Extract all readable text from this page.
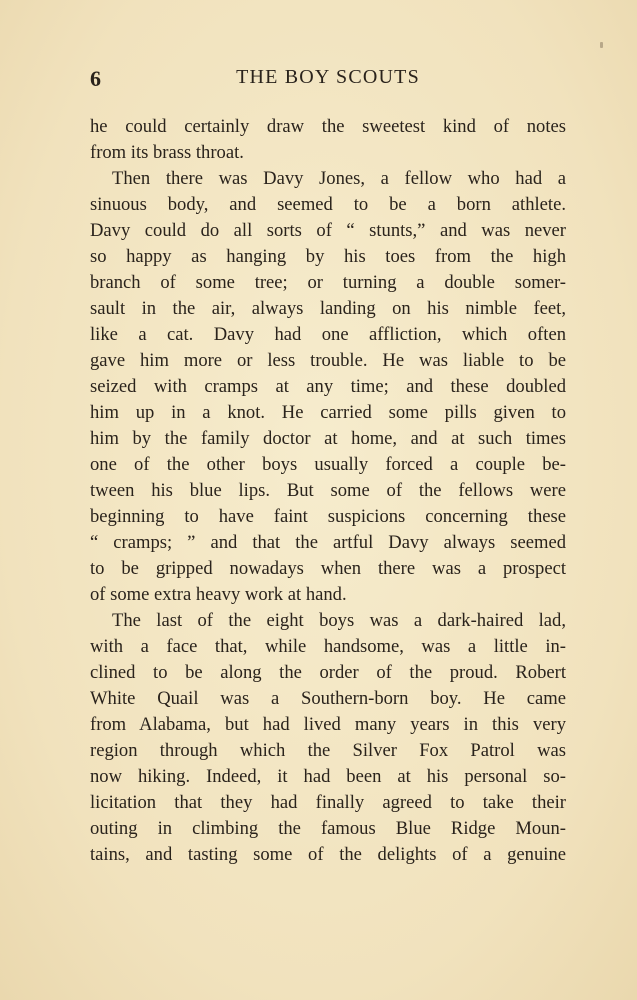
6	THE BOY SCOUTS
he could certainly draw the sweetest kind of notes
from its brass throat.
Then there was Davy Jones, a fellow who had a
sinuous body, and seemed to be a born athlete.
Davy could do all sorts of “ stunts,” and was never
so happy as hanging by his toes from the high
branch of some tree; or turning a double somer-
sault in the air, always landing on his nimble feet,
like a cat. Davy had one affliction, which often
gave him more or less trouble. He was liable to be
seized with cramps at any time; and these doubled
him up in a knot. He carried some pills given to
him by the family doctor at home, and at such times
one of the other boys usually forced a couple be-
tween his blue lips. But some of the fellows were
beginning to have faint suspicions concerning these
“ cramps; ” and that the artful Davy always seemed
to be gripped nowadays when there was a prospect
of some extra heavy work at hand.
The last of the eight boys was a dark-haired lad,
with a face that, while handsome, was a little in-
clined to be along the order of the proud. Robert
White Quail was a Southern-born boy. He came
from Alabama, but had lived many years in this very
region through which the Silver Fox Patrol was
now hiking. Indeed, it had been at his personal so-
licitation that they had finally agreed to take their
outing in climbing the famous Blue Ridge Moun-
tains, and tasting some of the delights of a genuine
